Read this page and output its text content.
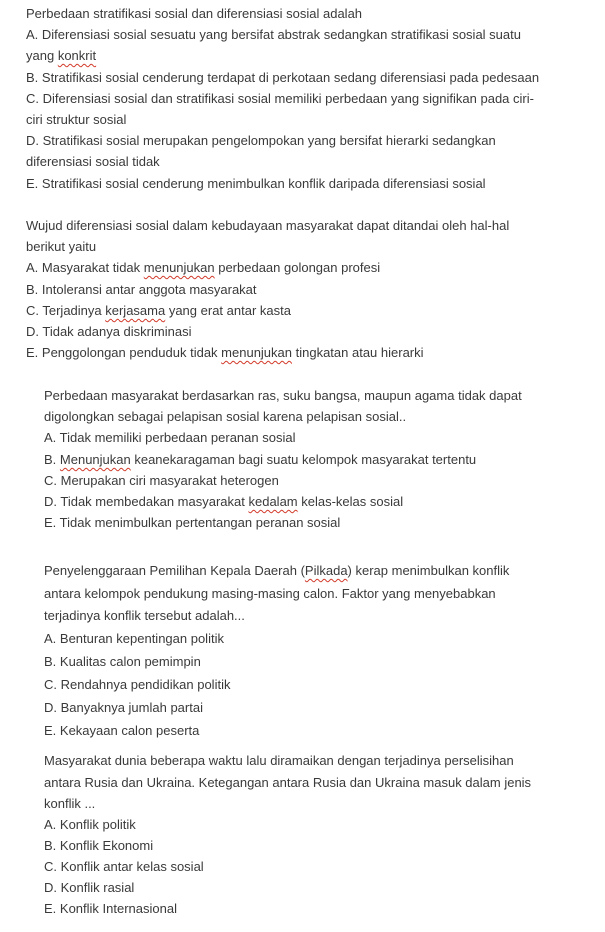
Perbedaan stratifikasi sosial dan diferensiasi sosial adalah
A. Diferensiasi sosial sesuatu yang bersifat abstrak sedangkan stratifikasi sosial suatu
yang konkrit
B. Stratifikasi sosial cenderung terdapat di perkotaan sedang diferensiasi pada pedesaan
C. Diferensiasi sosial dan stratifikasi sosial memiliki perbedaan yang signifikan pada ciri-
ciri struktur sosial
D. Stratifikasi sosial merupakan pengelompokan yang bersifat hierarki sedangkan
diferensiasi sosial tidak
E. Stratifikasi sosial cenderung menimbulkan konflik daripada diferensiasi sosial
Wujud diferensiasi sosial dalam kebudayaan masyarakat dapat ditandai oleh hal-hal
berikut yaitu
A. Masyarakat tidak menunjukan perbedaan golongan profesi
B. Intoleransi antar anggota masyarakat
C. Terjadinya kerjasama yang erat antar kasta
D. Tidak adanya diskriminasi
E. Penggolongan penduduk tidak menunjukan tingkatan atau hierarki
Perbedaan masyarakat berdasarkan ras, suku bangsa, maupun agama tidak dapat
digolongkan sebagai pelapisan sosial karena pelapisan sosial..
A. Tidak memiliki perbedaan peranan sosial
B. Menunjukan keanekaragaman bagi suatu kelompok masyarakat tertentu
C. Merupakan ciri masyarakat heterogen
D. Tidak membedakan masyarakat kedalam kelas-kelas sosial
E. Tidak menimbulkan pertentangan peranan sosial
Penyelenggaraan Pemilihan Kepala Daerah (Pilkada) kerap menimbulkan konflik
antara kelompok pendukung masing-masing calon. Faktor yang menyebabkan
terjadinya konflik tersebut adalah...
A. Benturan kepentingan politik
B. Kualitas calon pemimpin
C. Rendahnya pendidikan politik
D. Banyaknya jumlah partai
E. Kekayaan calon peserta
Masyarakat dunia beberapa waktu lalu diramaikan dengan terjadinya perselisihan
antara Rusia dan Ukraina. Ketegangan antara Rusia dan Ukraina masuk dalam jenis
konflik ...
A. Konflik politik
B. Konflik Ekonomi
C. Konflik antar kelas sosial
D. Konflik rasial
E. Konflik Internasional
